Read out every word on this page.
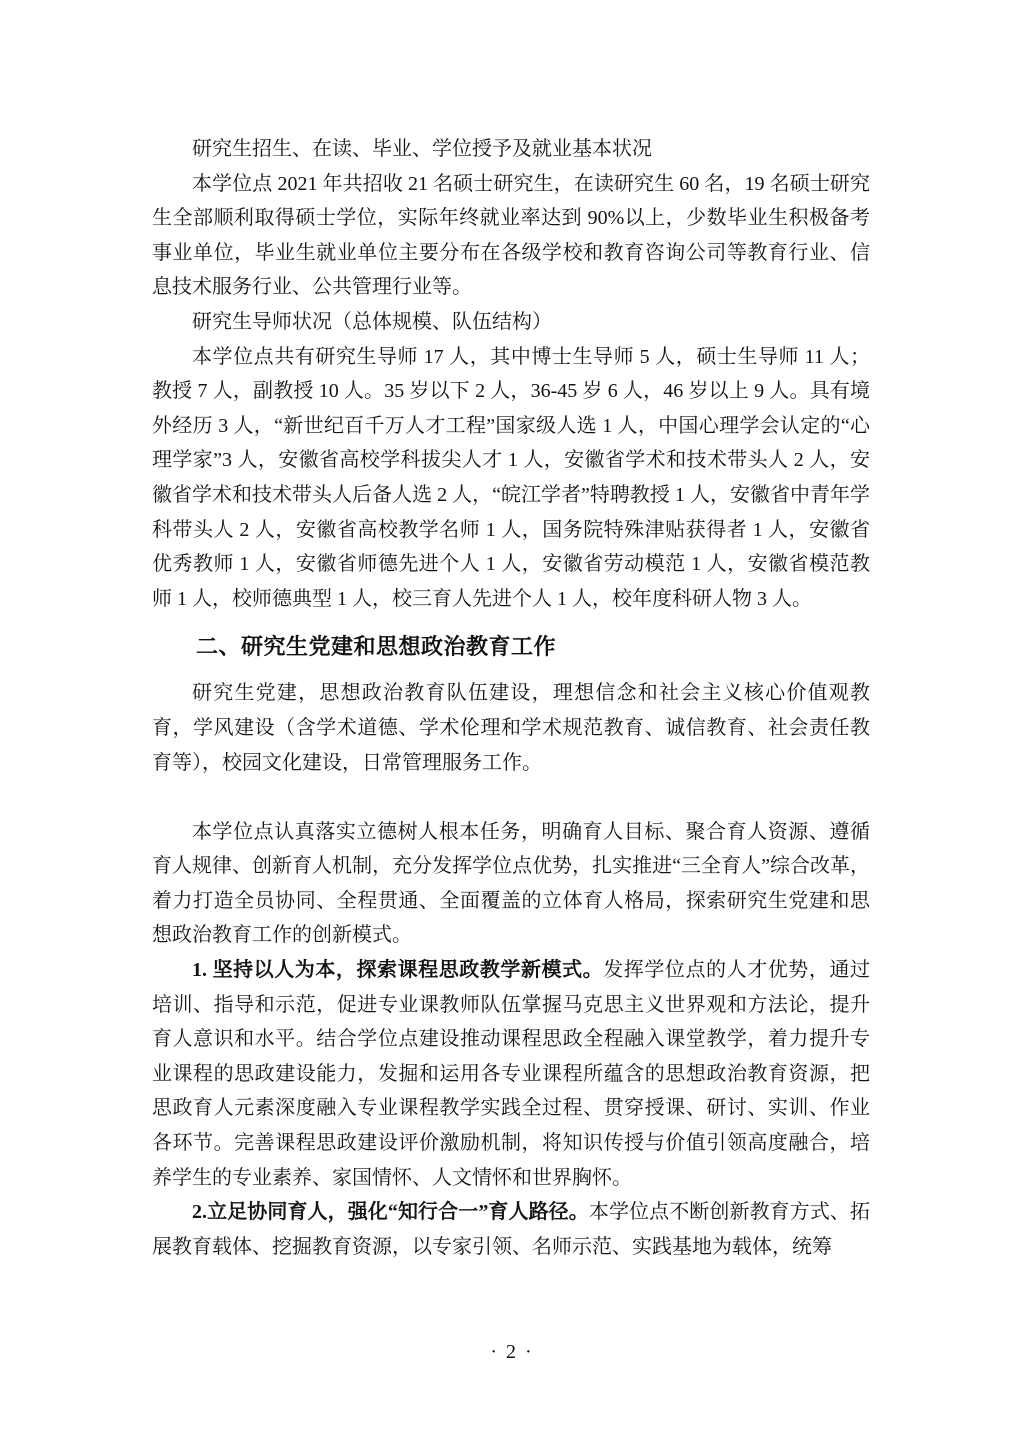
研究生招生、在读、毕业、学位授予及就业基本状况

本学位点 2021 年共招收 21 名硕士研究生，在读研究生 60 名，19 名硕士研究生全部顺利取得硕士学位，实际年终就业率达到 90%以上，少数毕业生积极备考事业单位，毕业生就业单位主要分布在各级学校和教育咨询公司等教育行业、信息技术服务行业、公共管理行业等。

研究生导师状况（总体规模、队伍结构）

本学位点共有研究生导师 17 人，其中博士生导师 5 人，硕士生导师 11 人；教授 7 人，副教授 10 人。35 岁以下 2 人，36-45 岁 6 人，46 岁以上 9 人。具有境外经历 3 人，“新世纪百千万人才工程”国家级人选 1 人，中国心理学会认定的“心理学家”3 人，安徽省高校学科拔尖人才 1 人，安徽省学术和技术带头人 2 人，安徽省学术和技术带头人后备人选 2 人，“皖江学者”特聘教授 1 人，安徽省中青年学科带头人 2 人，安徽省高校教学名师 1 人，国务院特殊津贴获得者 1 人，安徽省优秀教师 1 人，安徽省师德先进个人 1 人，安徽省劳动模范 1 人，安徽省模范教师 1 人，校师德典型 1 人，校三育人先进个人 1 人，校年度科研人物 3 人。

二、研究生党建和思想政治教育工作

研究生党建，思想政治教育队伍建设，理想信念和社会主义核心价值观教育，学风建设（含学术道德、学术伦理和学术规范教育、诚信教育、社会责任教育等），校园文化建设，日常管理服务工作。

本学位点认真落实立德树人根本任务，明确育人目标、聚合育人资源、遵循育人规律、创新育人机制，充分发挥学位点优势，扎实推进“三全育人”综合改革，着力打造全员协同、全程贯通、全面覆盖的立体育人格局，探索研究生党建和思想政治教育工作的创新模式。

1. 坚持以人为本，探索课程思政教学新模式。发挥学位点的人才优势，通过培训、指导和示范，促进专业课教师队伍掌握马克思主义世界观和方法论，提升育人意识和水平。结合学位点建设推动课程思政全程融入课堂教学，着力提升专业课程的思政建设能力，发掘和运用各专业课程所蕴含的思想政治教育资源，把思政育人元素深度融入专业课程教学实践全过程、贯穿授课、研讨、实训、作业各环节。完善课程思政建设评价激励机制，将知识传授与价值引领高度融合，培养学生的专业素养、家国情怀、人文情怀和世界胸怀。

2.立足协同育人，强化“知行合一”育人路径。本学位点不断创新教育方式、拓展教育载体、挖掘教育资源，以专家引领、名师示范、实践基地为载体，统筹

· 2 ·
